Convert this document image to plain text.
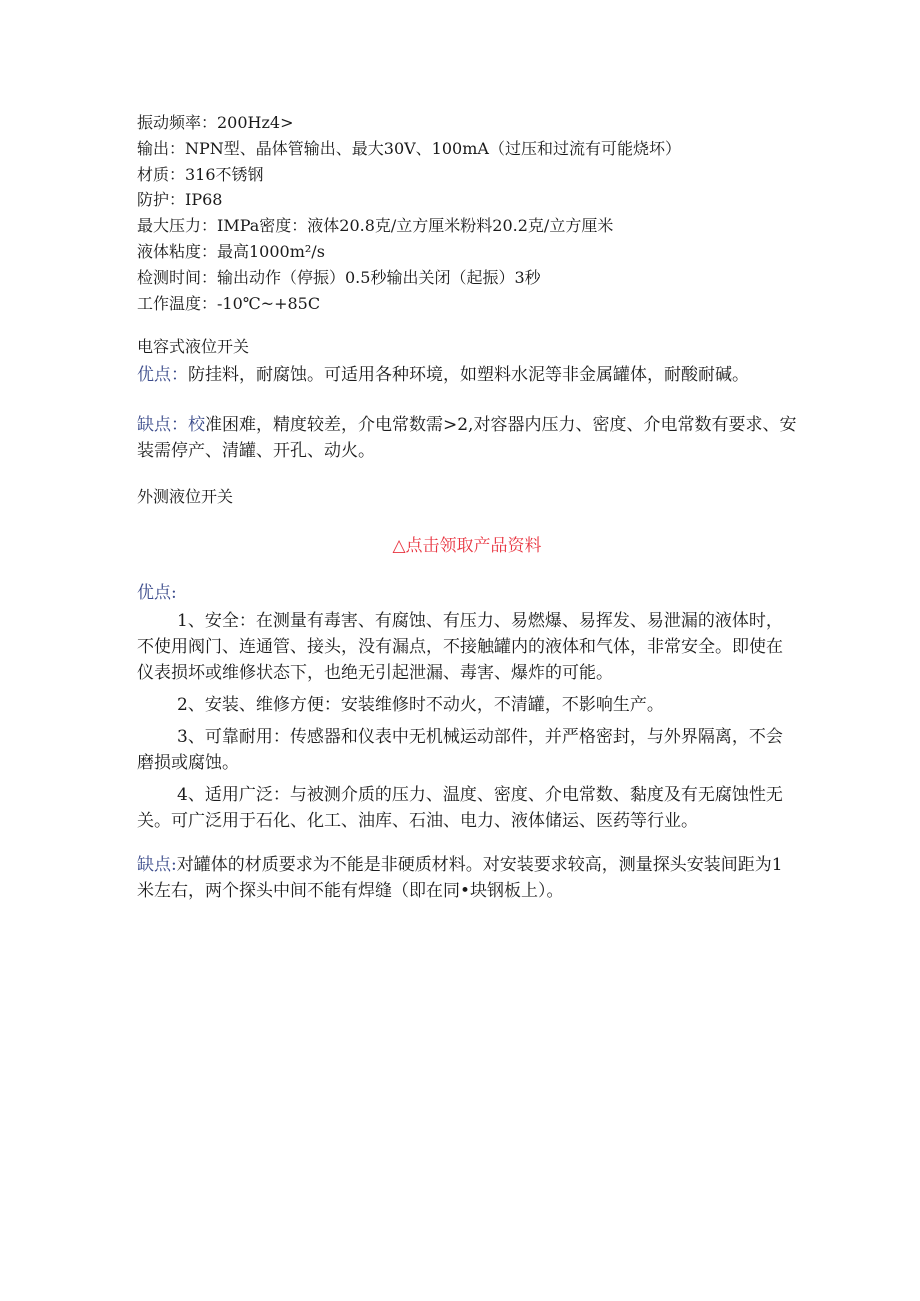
振动频率：200Hz4>
输出：NPN型、晶体管输出、最大30V、100mA（过压和过流有可能烧坏）
材质：316不锈钢
防护：IP68
最大压力：IMPa密度：液体20.8克/立方厘米粉料20.2克/立方厘米
液体粘度：最高1000m²/s
检测时间：输出动作（停振）0.5秒输出关闭（起振）3秒
工作温度：-10℃~+85C
电容式液位开关
优点：防挂料，耐腐蚀。可适用各种环境，如塑料水泥等非金属罐体，耐酸耐碱。
缺点：校准困难，精度较差，介电常数需>2,对容器内压力、密度、介电常数有要求、安装需停产、清罐、开孔、动火。
外测液位开关
△点击领取产品资料
优点:
1、安全：在测量有毒害、有腐蚀、有压力、易燃爆、易挥发、易泄漏的液体时，不使用阀门、连通管、接头，没有漏点，不接触罐内的液体和气体，非常安全。即使在仪表损坏或维修状态下，也绝无引起泄漏、毒害、爆炸的可能。
2、安装、维修方便：安装维修时不动火，不清罐，不影响生产。
3、可靠耐用：传感器和仪表中无机械运动部件，并严格密封，与外界隔离，不会磨损或腐蚀。
4、适用广泛：与被测介质的压力、温度、密度、介电常数、黏度及有无腐蚀性无关。可广泛用于石化、化工、油库、石油、电力、液体储运、医药等行业。
缺点:对罐体的材质要求为不能是非硬质材料。对安装要求较高，测量探头安装间距为1米左右，两个探头中间不能有焊缝（即在同•块钢板上）。
